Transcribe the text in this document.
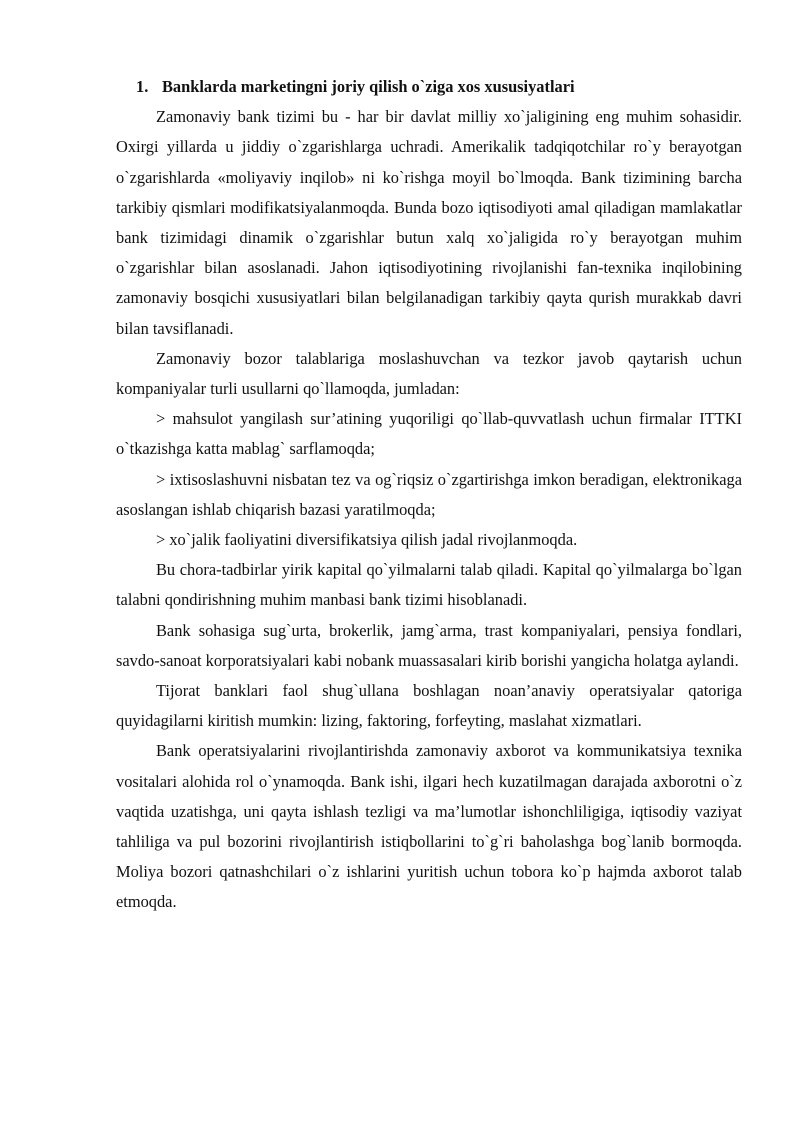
1. Banklarda marketingni joriy qilish o`ziga xos xususiyatlari

Zamonaviy bank tizimi bu - har bir davlat milliy xo`jaligining eng muhim sohasidir. Oxirgi yillarda u jiddiy o`zgarishlarga uchradi. Amerikalik tadqiqotchilar ro`y berayotgan o`zgarishlarda «moliyaviy inqilob» ni ko`rishga moyil bo`lmoqda. Bank tizimining barcha tarkibiy qismlari modifikatsiyalanmoqda. Bunda bozo iqtisodiyoti amal qiladigan mamlakatlar bank tizimidagi dinamik o`zgarishlar butun xalq xo`jaligida ro`y berayotgan muhim o`zgarishlar bilan asoslanadi. Jahon iqtisodiyotining rivojlanishi fan-texnika inqilobining zamonaviy bosqichi xususiyatlari bilan belgilanadigan tarkibiy qayta qurish murakkab davri bilan tavsiflanadi.

Zamonaviy bozor talablariga moslashuvchan va tezkor javob qaytarish uchun kompaniyalar turli usullarni qo`llamoqda, jumladan:

> mahsulot yangilash sur’atining yuqoriligi qo`llab-quvvatlash uchun firmalar ITTKI o`tkazishga katta mablag` sarflamoqda;

> ixtisoslashuvni nisbatan tez va og`riqsiz o`zgartirishga imkon beradigan, elektronikaga asoslangan ishlab chiqarish bazasi yaratilmoqda;

> xo`jalik faoliyatini diversifikatsiya qilish jadal rivojlanmoqda.

Bu chora-tadbirlar yirik kapital qo`yilmalarni talab qiladi. Kapital qo`yilmalarga bo`lgan talabni qondirishning muhim manbasi bank tizimi hisoblanadi.

Bank sohasiga sug`urta, brokerlik, jamg`arma, trast kompaniyalari, pensiya fondlari, savdo-sanoat korporatsiyalari kabi nobank muassasalari kirib borishi yangicha holatga aylandi.

Tijorat banklari faol shug`ullana boshlagan noan’anaviy operatsiyalar qatoriga quyidagilarni kiritish mumkin: lizing, faktoring, forfeyting, maslahat xizmatlari.

Bank operatsiyalarini rivojlantirishda zamonaviy axborot va kommunikatsiya texnika vositalari alohida rol o`ynamoqda. Bank ishi, ilgari hech kuzatilmagan darajada axborotni o`z vaqtida uzatishga, uni qayta ishlash tezligi va ma’lumotlar ishonchliligiga, iqtisodiy vaziyat tahliliga va pul bozorini rivojlantirish istiqbollarini to`g`ri baholashga bog`lanib bormoqda. Moliya bozori qatnashchilari o`z ishlarini yuritish uchun tobora ko`p hajmda axborot talab etmoqda.
